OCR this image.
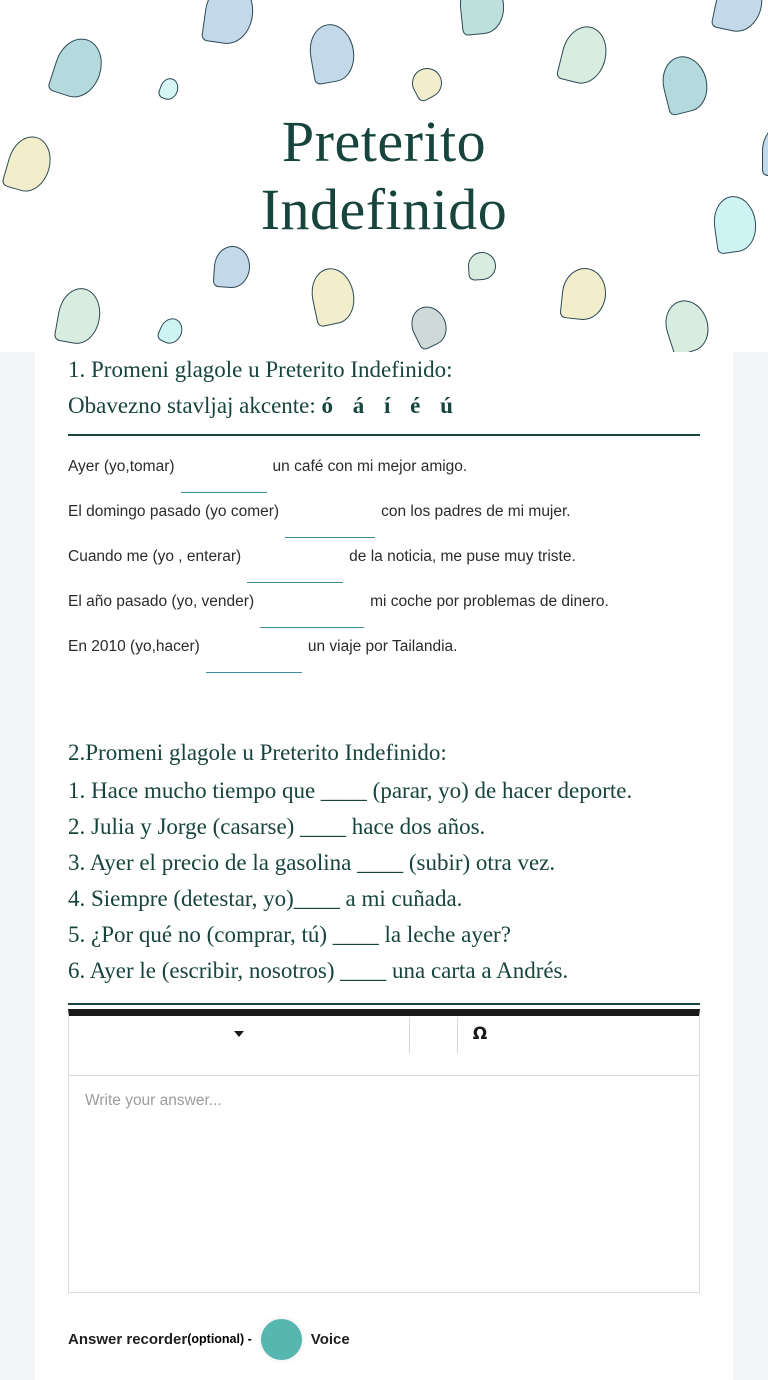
Preterito
Indefinido

1. Promeni glagole u Preterito Indefinido:

Obavezno stavljaj akcente: ó á í é ú

Ayer (yo,tomar)	un café con mi mejor amigo.
El domingo pasado (yo comer)	con los padres de mi mujer.
Cuando me (yo , enterar)	de la noticia, me puse muy triste.
El año pasado (yo, vender)	mi coche por problemas de dinero.
En 2010 (yo,hacer)	un viaje por Tailandia.

2.Promeni glagole u Preterito Indefinido:

1. Hace mucho tiempo que ____ (parar, yo) de hacer deporte.

2. Julia y Jorge (casarse) ____ hace dos años.

3. Ayer el precio de la gasolina ____ (subir) otra vez.

4. Siempre (detestar, yo)____ a mi cuñada.

5. ¿Por qué no (comprar, tú) ____ la leche ayer?

6. Ayer le (escribir, nosotros) ____ una carta a Andrés.

Ω
Write your answer...
Answer recorder (optional) -	Voice
